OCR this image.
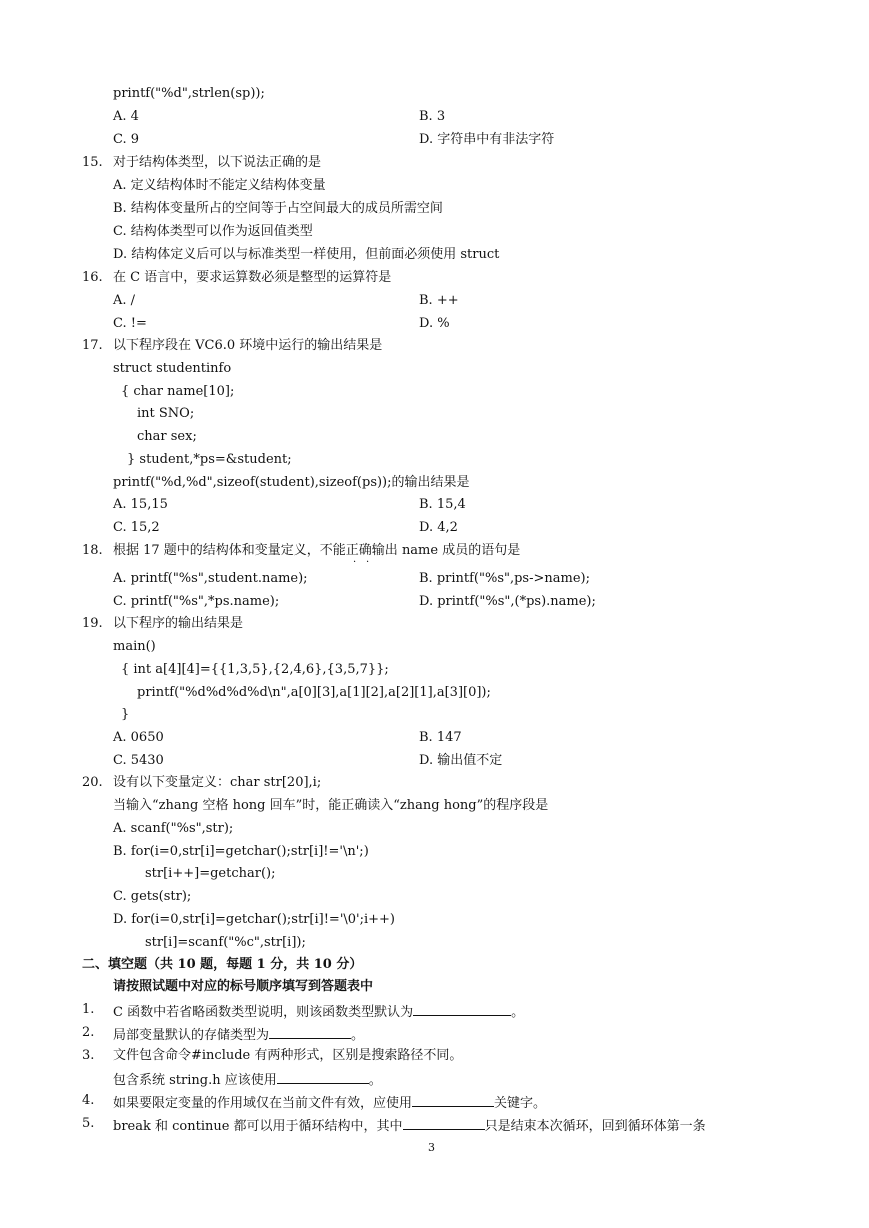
printf("%d",strlen(sp));
A. 4	B. 3
C. 9	D. 字符串中有非法字符
15. 对于结构体类型，以下说法正确的是
A. 定义结构体时不能定义结构体变量
B. 结构体变量所占的空间等于占空间最大的成员所需空间
C. 结构体类型可以作为返回值类型
D. 结构体定义后可以与标准类型一样使用，但前面必须使用 struct
16. 在 C 语言中，要求运算数必须是整型的运算符是
A. /	B. ++
C. !=	D. %
17. 以下程序段在 VC6.0 环境中运行的输出结果是
struct studentinfo
{ char name[10];
int SNO;
char sex;
} student,*ps=&student;
printf("%d,%d",sizeof(student),sizeof(ps));的输出结果是
A. 15,15	B. 15,4
C. 15,2	D. 4,2
18. 根据 17 题中的结构体和变量定义，不能正确输出 name 成员的语句是
· ·
A. printf("%s",student.name);	B. printf("%s",ps->name);
C. printf("%s",*ps.name);	D. printf("%s",(*ps).name);
19. 以下程序的输出结果是
main()
{ int a[4][4]={{1,3,5},{2,4,6},{3,5,7}};
printf("%d%d%d%d\n",a[0][3],a[1][2],a[2][1],a[3][0]);
}
A. 0650	B. 147
C. 5430	D. 输出值不定
20. 设有以下变量定义：char str[20],i;
当输入“zhang 空格 hong 回车”时，能正确读入“zhang hong”的程序段是
A. scanf("%s",str);
B. for(i=0,str[i]=getchar();str[i]!='\n';)
str[i++]=getchar();
C. gets(str);
D. for(i=0,str[i]=getchar();str[i]!='\0';i++)
str[i]=scanf("%c",str[i]);
二、填空题（共 10 题，每题 1 分，共 10 分）
请按照试题中对应的标号顺序填写到答题表中
1. C 函数中若省略函数类型说明，则该函数类型默认为	。
2. 局部变量默认的存储类型为	。
3. 文件包含命令#include 有两种形式，区别是搜索路径不同。
包含系统 string.h 应该使用	。
4. 如果要限定变量的作用域仅在当前文件有效，应使用	关键字。
5. break 和 continue 都可以用于循环结构中，其中	只是结束本次循环，回到循环体第一条
3
